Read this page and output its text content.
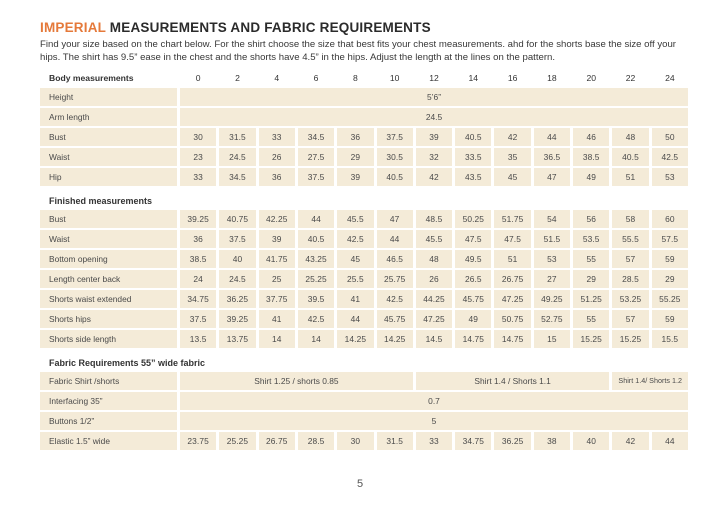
IMPERIAL MEASUREMENTS AND FABRIC REQUIREMENTS

Find your size based on the chart below. For the shirt choose the size that best fits your chest measurements. ahd for the shorts base the size off your hips. The shirt has 9.5” ease in the chest and the shorts have 4.5” in the hips. Adjust the length at the lines on the pattern.

Body measurements	0	2	4	6	8	10	12	14	16	18	20	22	24
Height	5’6”
Arm length	24.5
Bust	30	31.5	33	34.5	36	37.5	39	40.5	42	44	46	48	50
Waist	23	24.5	26	27.5	29	30.5	32	33.5	35	36.5	38.5	40.5	42.5
Hip	33	34.5	36	37.5	39	40.5	42	43.5	45	47	49	51	53
Finished measurements
Bust	39.25	40.75	42.25	44	45.5	47	48.5	50.25	51.75	54	56	58	60
Waist	36	37.5	39	40.5	42.5	44	45.5	47.5	47.5	51.5	53.5	55.5	57.5
Bottom opening	38.5	40	41.75	43.25	45	46.5	48	49.5	51	53	55	57	59
Length center back	24	24.5	25	25.25	25.5	25.75	26	26.5	26.75	27	29	28.5	29
Shorts waist extended	34.75	36.25	37.75	39.5	41	42.5	44.25	45.75	47.25	49.25	51.25	53.25	55.25
Shorts hips	37.5	39.25	41	42.5	44	45.75	47.25	49	50.75	52.75	55	57	59
Shorts side length	13.5	13.75	14	14	14.25	14.25	14.5	14.75	14.75	15	15.25	15.25	15.5
Fabric Requirements 55” wide fabric
Fabric Shirt /shorts	Shirt 1.25 / shorts 0.85	Shirt 1.4 / Shorts 1.1	Shirt 1.4/ Shorts 1.2
Interfacing 35”	0.7
Buttons 1/2”	5
Elastic 1.5” wide	23.75	25.25	26.75	28.5	30	31.5	33	34.75	36.25	38	40	42	44
5
